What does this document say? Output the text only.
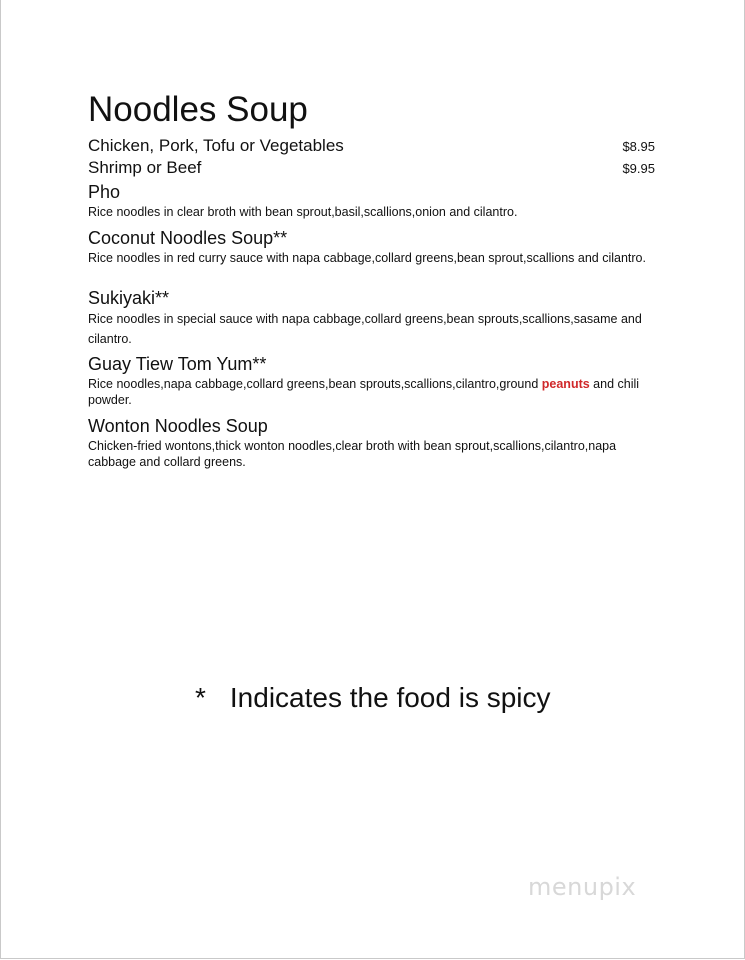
Noodles Soup
Chicken, Pork, Tofu or Vegetables	$8.95
Shrimp or Beef	$9.95
Pho
Rice noodles in clear broth with bean sprout,basil,scallions,onion and cilantro.
Coconut Noodles Soup**
Rice noodles in red curry sauce with napa cabbage,collard greens,bean sprout,scallions and cilantro.
Sukiyaki**
Rice noodles in special sauce with napa cabbage,collard greens,bean sprouts,scallions,sasame and cilantro.
Guay Tiew Tom Yum**
Rice noodles,napa cabbage,collard greens,bean sprouts,scallions,cilantro,ground peanuts and chili powder.
Wonton Noodles Soup
Chicken-fried wontons,thick wonton noodles,clear broth with bean sprout,scallions,cilantro,napa cabbage and collard greens.
* Indicates the food is spicy
menupix
